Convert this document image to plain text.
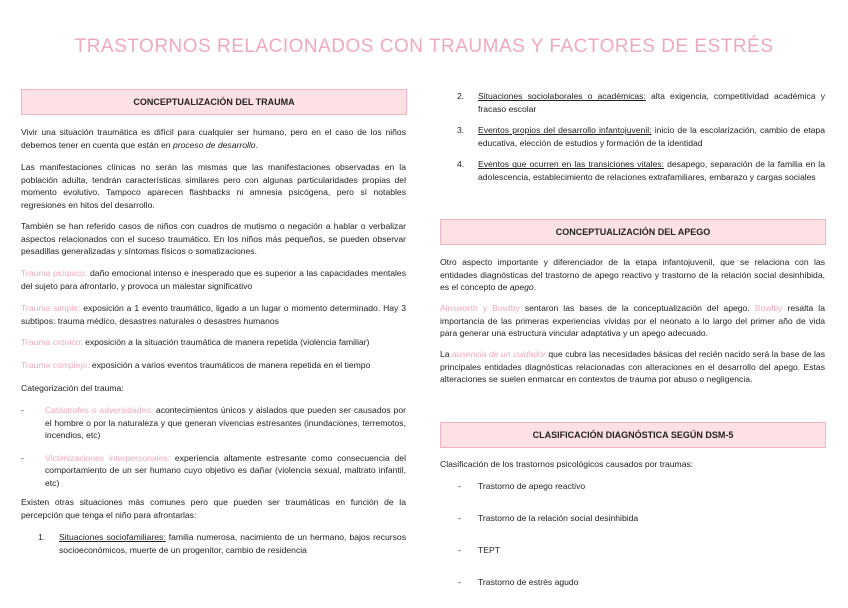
TRASTORNOS RELACIONADOS CON TRAUMAS Y FACTORES DE ESTRÉS
CONCEPTUALIZACIÓN DEL TRAUMA

Vivir una situación traumática es difícil para cualquier ser humano, pero en el caso de los niños debemos tener en cuenta que están en proceso de desarrollo.

Las manifestaciones clínicas no serán las mismas que las manifestaciones observadas en la población adulta, tendrán características similares pero con algunas particularidades propias del momento evolutivo. Tampoco aparecen flashbacks ni amnesia psicógena, pero sí notables regresiones en hitos del desarrollo.

También se han referido casos de niños con cuadros de mutismo o negación a hablar o verbalizar aspectos relacionados con el suceso traumático. En los niños más pequeños, se pueden observar pesadillas generalizadas y síntomas físicos o somatizaciones.

Trauma psíquico: daño emocional intenso e inesperado que es superior a las capacidades mentales del sujeto para afrontarlo, y provoca un malestar significativo

Trauma simple: exposición a 1 evento traumático, ligado a un lugar o momento determinado. Hay 3 subtipos: trauma médico, desastres naturales o desastres humanos

Trauma crónico: exposición a la situación traumática de manera repetida (violencia familiar)

Trauma complejo: exposición a varios eventos traumáticos de manera repetida en el tiempo

Categorización del trauma:

- Catástrofes o adversidades: acontecimientos únicos y aislados que pueden ser causados por el hombre o por la naturaleza y que generan vivencias estresantes (inundaciones, terremotos, incendios, etc)
- Victimizaciones interpersonales: experiencia altamente estresante como consecuencia del comportamiento de un ser humano cuyo objetivo es dañar (violencia sexual, maltrato infantil, etc)

Existen otras situaciones más comunes pero que pueden ser traumáticas en función de la percepción que tenga el niño para afrontarlas:

1. Situaciones sociofamiliares: familia numerosa, nacimiento de un hermano, bajos recursos socioeconómicos, muerte de un progenitor, cambio de residencia
2. Situaciones sociolaborales o académicas: alta exigencia, competitividad académica y fracaso escolar
3. Eventos propios del desarrollo infantojuvenil: inicio de la escolarización, cambio de etapa educativa, elección de estudios y formación de la identidad
4. Eventos que ocurren en las transiciones vitales: desapego, separación de la familia en la adolescencia, establecimiento de relaciones extrafamiliares, embarazo y cargas sociales
CONCEPTUALIZACIÓN DEL APEGO

Otro aspecto importante y diferenciador de la etapa infantojuvenil, que se relaciona con las entidades diagnósticas del trastorno de apego reactivo y trastorno de la relación social desinhibida, es el concepto de apego.

Ainsworth y Bowlby sentaron las bases de la conceptualización del apego. Bowlby resalta la importancia de las primeras experiencias vividas por el neonato a lo largo del primer año de vida para generar una estructura vincular adaptativa y un apego adecuado.

La ausencia de un cuidador que cubra las necesidades básicas del recién nacido será la base de las principales entidades diagnósticas relacionadas con alteraciones en el desarrollo del apego. Estas alteraciones se suelen enmarcar en contextos de trauma por abuso o negligencia.

CLASIFICACIÓN DIAGNÓSTICA SEGÚN DSM-5

Clasificación de los trastornos psicológicos causados por traumas:

- Trastorno de apego reactivo
- Trastorno de la relación social desinhibida
- TEPT
- Trastorno de estrés agudo
